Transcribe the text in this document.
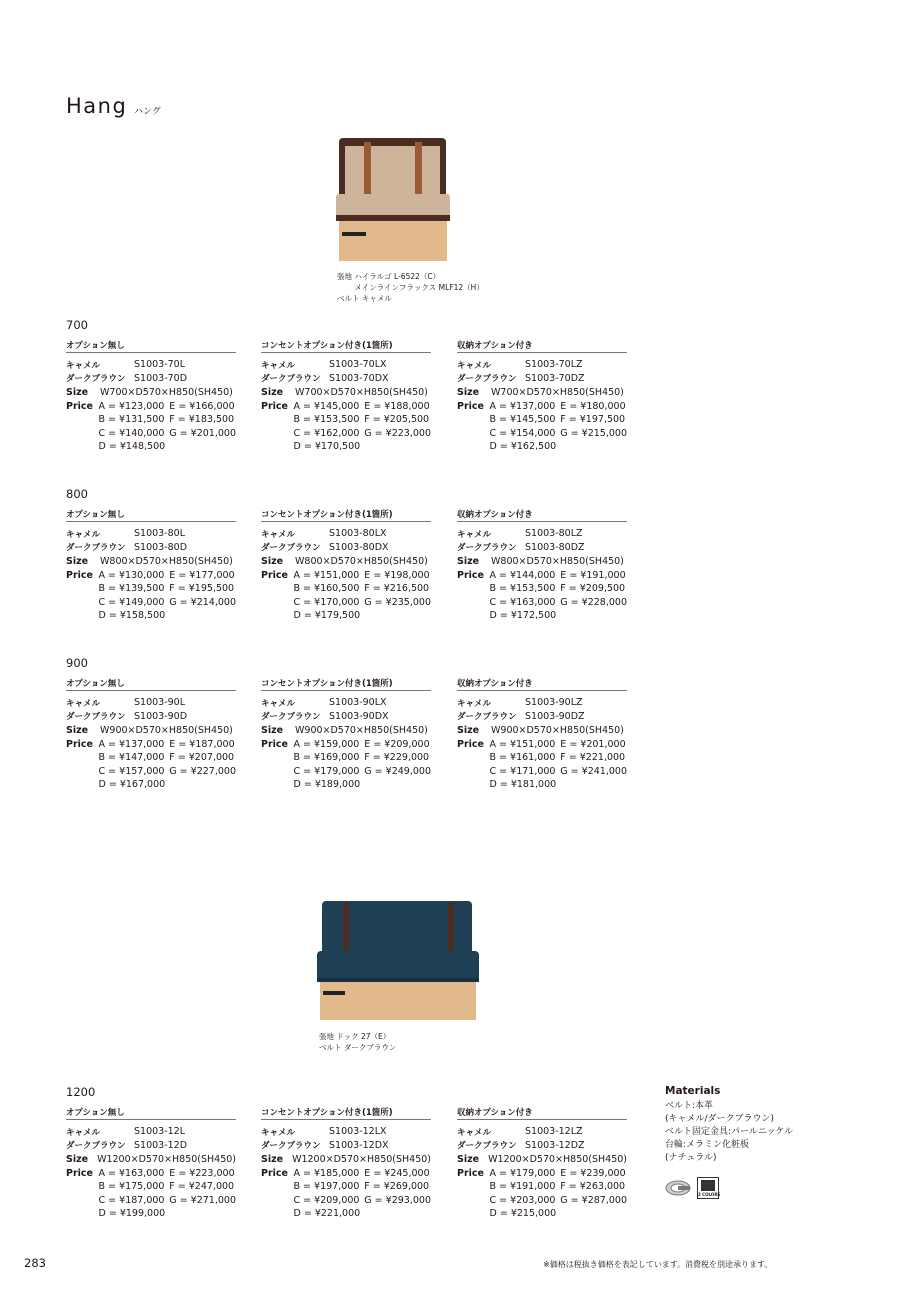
Hang ハング
張地 ハイラルゴ L-6522（C）
　　 メインラインフラックス MLF12（H）
ベルト キャメル
張地 ドック 27（E）
ベルト ダークブラウン
700
オプション無し
キャメル	S1003-70L
ダークブラウン S1003-70D
Size	W700×D570×H850(SH450)
Price A = ¥123,000
B = ¥131,500
C = ¥140,000
D = ¥148,500
E = ¥166,000
F = ¥183,500
G = ¥201,000
コンセントオプション付き(1箇所)
キャメル	S1003-70LX
ダークブラウン S1003-70DX
Size	W700×D570×H850(SH450)
Price A = ¥145,000
B = ¥153,500
C = ¥162,000
D = ¥170,500
E = ¥188,000
F = ¥205,500
G = ¥223,000
収納オプション付き
キャメル	S1003-70LZ
ダークブラウン S1003-70DZ
Size	W700×D570×H850(SH450)
Price A = ¥137,000
B = ¥145,500
C = ¥154,000
D = ¥162,500
E = ¥180,000
F = ¥197,500
G = ¥215,000
800
オプション無し
キャメル	S1003-80L
ダークブラウン S1003-80D
Size	W800×D570×H850(SH450)
Price A = ¥130,000
B = ¥139,500
C = ¥149,000
D = ¥158,500
E = ¥177,000
F = ¥195,500
G = ¥214,000
コンセントオプション付き(1箇所)
キャメル	S1003-80LX
ダークブラウン S1003-80DX
Size	W800×D570×H850(SH450)
Price A = ¥151,000
B = ¥160,500
C = ¥170,000
D = ¥179,500
E = ¥198,000
F = ¥216,500
G = ¥235,000
収納オプション付き
キャメル	S1003-80LZ
ダークブラウン S1003-80DZ
Size	W800×D570×H850(SH450)
Price A = ¥144,000
B = ¥153,500
C = ¥163,000
D = ¥172,500
E = ¥191,000
F = ¥209,500
G = ¥228,000
900
オプション無し
キャメル	S1003-90L
ダークブラウン S1003-90D
Size	W900×D570×H850(SH450)
Price A = ¥137,000
B = ¥147,000
C = ¥157,000
D = ¥167,000
E = ¥187,000
F = ¥207,000
G = ¥227,000
コンセントオプション付き(1箇所)
キャメル	S1003-90LX
ダークブラウン S1003-90DX
Size	W900×D570×H850(SH450)
Price A = ¥159,000
B = ¥169,000
C = ¥179,000
D = ¥189,000
E = ¥209,000
F = ¥229,000
G = ¥249,000
収納オプション付き
キャメル	S1003-90LZ
ダークブラウン S1003-90DZ
Size	W900×D570×H850(SH450)
Price A = ¥151,000
B = ¥161,000
C = ¥171,000
D = ¥181,000
E = ¥201,000
F = ¥221,000
G = ¥241,000
1200
オプション無し
キャメル	S1003-12L
ダークブラウン S1003-12D
Size W1200×D570×H850(SH450)
Price A = ¥163,000
B = ¥175,000
C = ¥187,000
D = ¥199,000
E = ¥223,000
F = ¥247,000
G = ¥271,000
コンセントオプション付き(1箇所)
キャメル	S1003-12LX
ダークブラウン S1003-12DX
Size W1200×D570×H850(SH450)
Price A = ¥185,000
B = ¥197,000
C = ¥209,000
D = ¥221,000
E = ¥245,000
F = ¥269,000
G = ¥293,000
収納オプション付き
キャメル	S1003-12LZ
ダークブラウン S1003-12DZ
Size W1200×D570×H850(SH450)
Price A = ¥179,000
B = ¥191,000
C = ¥203,000
D = ¥215,000
E = ¥239,000
F = ¥263,000
G = ¥287,000
Materials
ベルト:本革
(キャメル/ダークブラウン)
ベルト固定金具:パールニッケル
台輪:メラミン化粧板
(ナチュラル)
2 COLORS
283	※価格は税抜き価格を表記しています。消費税を別途承ります。
